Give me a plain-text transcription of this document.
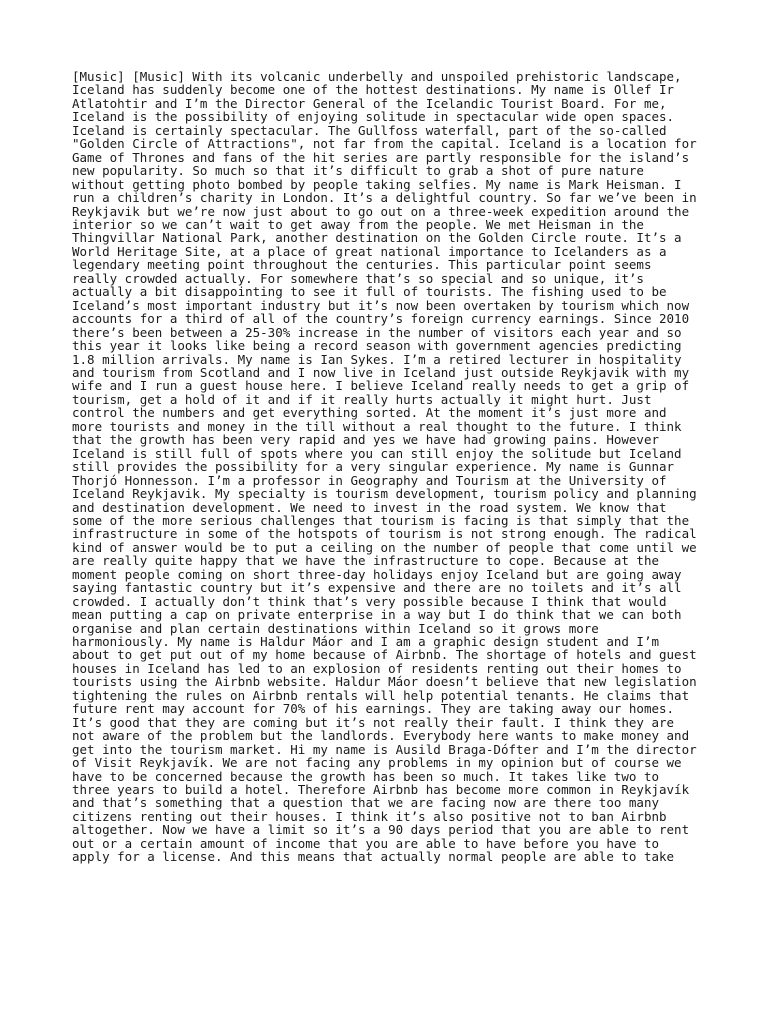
[Music] [Music] With its volcanic underbelly and unspoiled prehistoric landscape,
Iceland has suddenly become one of the hottest destinations. My name is Ollef Ir
Atlatohtir and I’m the Director General of the Icelandic Tourist Board. For me,
Iceland is the possibility of enjoying solitude in spectacular wide open spaces.
Iceland is certainly spectacular. The Gullfoss waterfall, part of the so-called
"Golden Circle of Attractions", not far from the capital. Iceland is a location for
Game of Thrones and fans of the hit series are partly responsible for the island’s
new popularity. So much so that it’s difficult to grab a shot of pure nature
without getting photo bombed by people taking selfies. My name is Mark Heisman. I
run a children’s charity in London. It’s a delightful country. So far we’ve been in
Reykjavik but we’re now just about to go out on a three-week expedition around the
interior so we can’t wait to get away from the people. We met Heisman in the
Thingvillar National Park, another destination on the Golden Circle route. It’s a
World Heritage Site, at a place of great national importance to Icelanders as a
legendary meeting point throughout the centuries. This particular point seems
really crowded actually. For somewhere that’s so special and so unique, it’s
actually a bit disappointing to see it full of tourists. The fishing used to be
Iceland’s most important industry but it’s now been overtaken by tourism which now
accounts for a third of all of the country’s foreign currency earnings. Since 2010
there’s been between a 25-30% increase in the number of visitors each year and so
this year it looks like being a record season with government agencies predicting
1.8 million arrivals. My name is Ian Sykes. I’m a retired lecturer in hospitality
and tourism from Scotland and I now live in Iceland just outside Reykjavik with my
wife and I run a guest house here. I believe Iceland really needs to get a grip of
tourism, get a hold of it and if it really hurts actually it might hurt. Just
control the numbers and get everything sorted. At the moment it’s just more and
more tourists and money in the till without a real thought to the future. I think
that the growth has been very rapid and yes we have had growing pains. However
Iceland is still full of spots where you can still enjoy the solitude but Iceland
still provides the possibility for a very singular experience. My name is Gunnar
Thorjó Honnesson. I’m a professor in Geography and Tourism at the University of
Iceland Reykjavik. My specialty is tourism development, tourism policy and planning
and destination development. We need to invest in the road system. We know that
some of the more serious challenges that tourism is facing is that simply that the
infrastructure in some of the hotspots of tourism is not strong enough. The radical
kind of answer would be to put a ceiling on the number of people that come until we
are really quite happy that we have the infrastructure to cope. Because at the
moment people coming on short three-day holidays enjoy Iceland but are going away
saying fantastic country but it’s expensive and there are no toilets and it’s all
crowded. I actually don’t think that’s very possible because I think that would
mean putting a cap on private enterprise in a way but I do think that we can both
organise and plan certain destinations within Iceland so it grows more
harmoniously. My name is Haldur Máor and I am a graphic design student and I’m
about to get put out of my home because of Airbnb. The shortage of hotels and guest
houses in Iceland has led to an explosion of residents renting out their homes to
tourists using the Airbnb website. Haldur Máor doesn’t believe that new legislation
tightening the rules on Airbnb rentals will help potential tenants. He claims that
future rent may account for 70% of his earnings. They are taking away our homes.
It’s good that they are coming but it’s not really their fault. I think they are
not aware of the problem but the landlords. Everybody here wants to make money and
get into the tourism market. Hi my name is Ausild Braga-Dófter and I’m the director
of Visit Reykjavík. We are not facing any problems in my opinion but of course we
have to be concerned because the growth has been so much. It takes like two to
three years to build a hotel. Therefore Airbnb has become more common in Reykjavík
and that’s something that a question that we are facing now are there too many
citizens renting out their houses. I think it’s also positive not to ban Airbnb
altogether. Now we have a limit so it’s a 90 days period that you are able to rent
out or a certain amount of income that you are able to have before you have to
apply for a license. And this means that actually normal people are able to take
